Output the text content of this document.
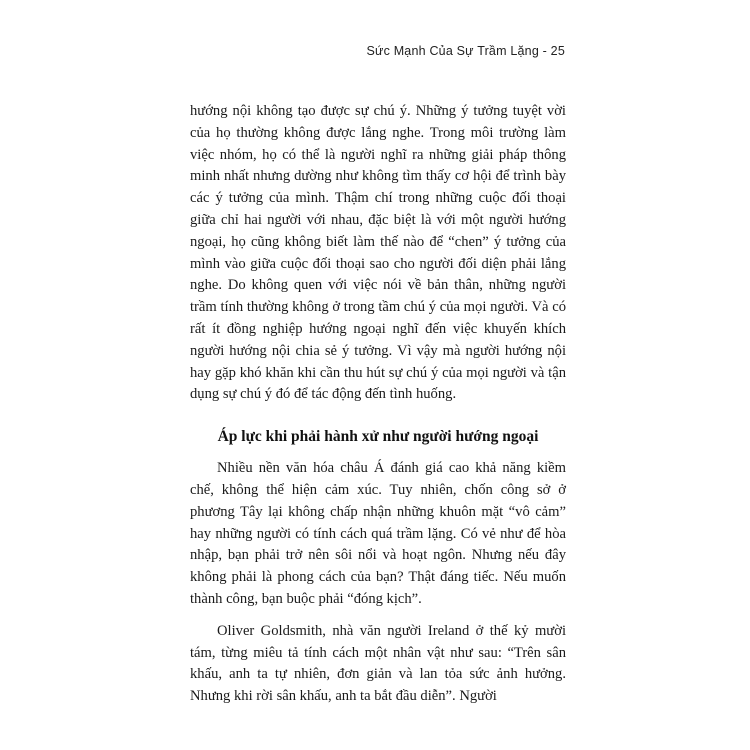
Sức Mạnh Của Sự Trầm Lặng - 25

hướng nội không tạo được sự chú ý. Những ý tưởng tuyệt vời của họ thường không được lắng nghe. Trong môi trường làm việc nhóm, họ có thể là người nghĩ ra những giải pháp thông minh nhất nhưng dường như không tìm thấy cơ hội để trình bày các ý tưởng của mình. Thậm chí trong những cuộc đối thoại giữa chỉ hai người với nhau, đặc biệt là với một người hướng ngoại, họ cũng không biết làm thế nào để “chen” ý tưởng của mình vào giữa cuộc đối thoại sao cho người đối diện phải lắng nghe. Do không quen với việc nói về bản thân, những người trầm tính thường không ở trong tầm chú ý của mọi người. Và có rất ít đồng nghiệp hướng ngoại nghĩ đến việc khuyến khích người hướng nội chia sẻ ý tưởng. Vì vậy mà người hướng nội hay gặp khó khăn khi cần thu hút sự chú ý của mọi người và tận dụng sự chú ý đó để tác động đến tình huống.

Áp lực khi phải hành xử như người hướng ngoại

Nhiều nền văn hóa châu Á đánh giá cao khả năng kiềm chế, không thể hiện cảm xúc. Tuy nhiên, chốn công sở ở phương Tây lại không chấp nhận những khuôn mặt “vô cảm” hay những người có tính cách quá trầm lặng. Có vẻ như để hòa nhập, bạn phải trở nên sôi nổi và hoạt ngôn. Nhưng nếu đây không phải là phong cách của bạn? Thật đáng tiếc. Nếu muốn thành công, bạn buộc phải “đóng kịch”.

Oliver Goldsmith, nhà văn người Ireland ở thế kỷ mười tám, từng miêu tả tính cách một nhân vật như sau: “Trên sân khấu, anh ta tự nhiên, đơn giản và lan tỏa sức ảnh hưởng. Nhưng khi rời sân khấu, anh ta bắt đầu diễn”. Người
